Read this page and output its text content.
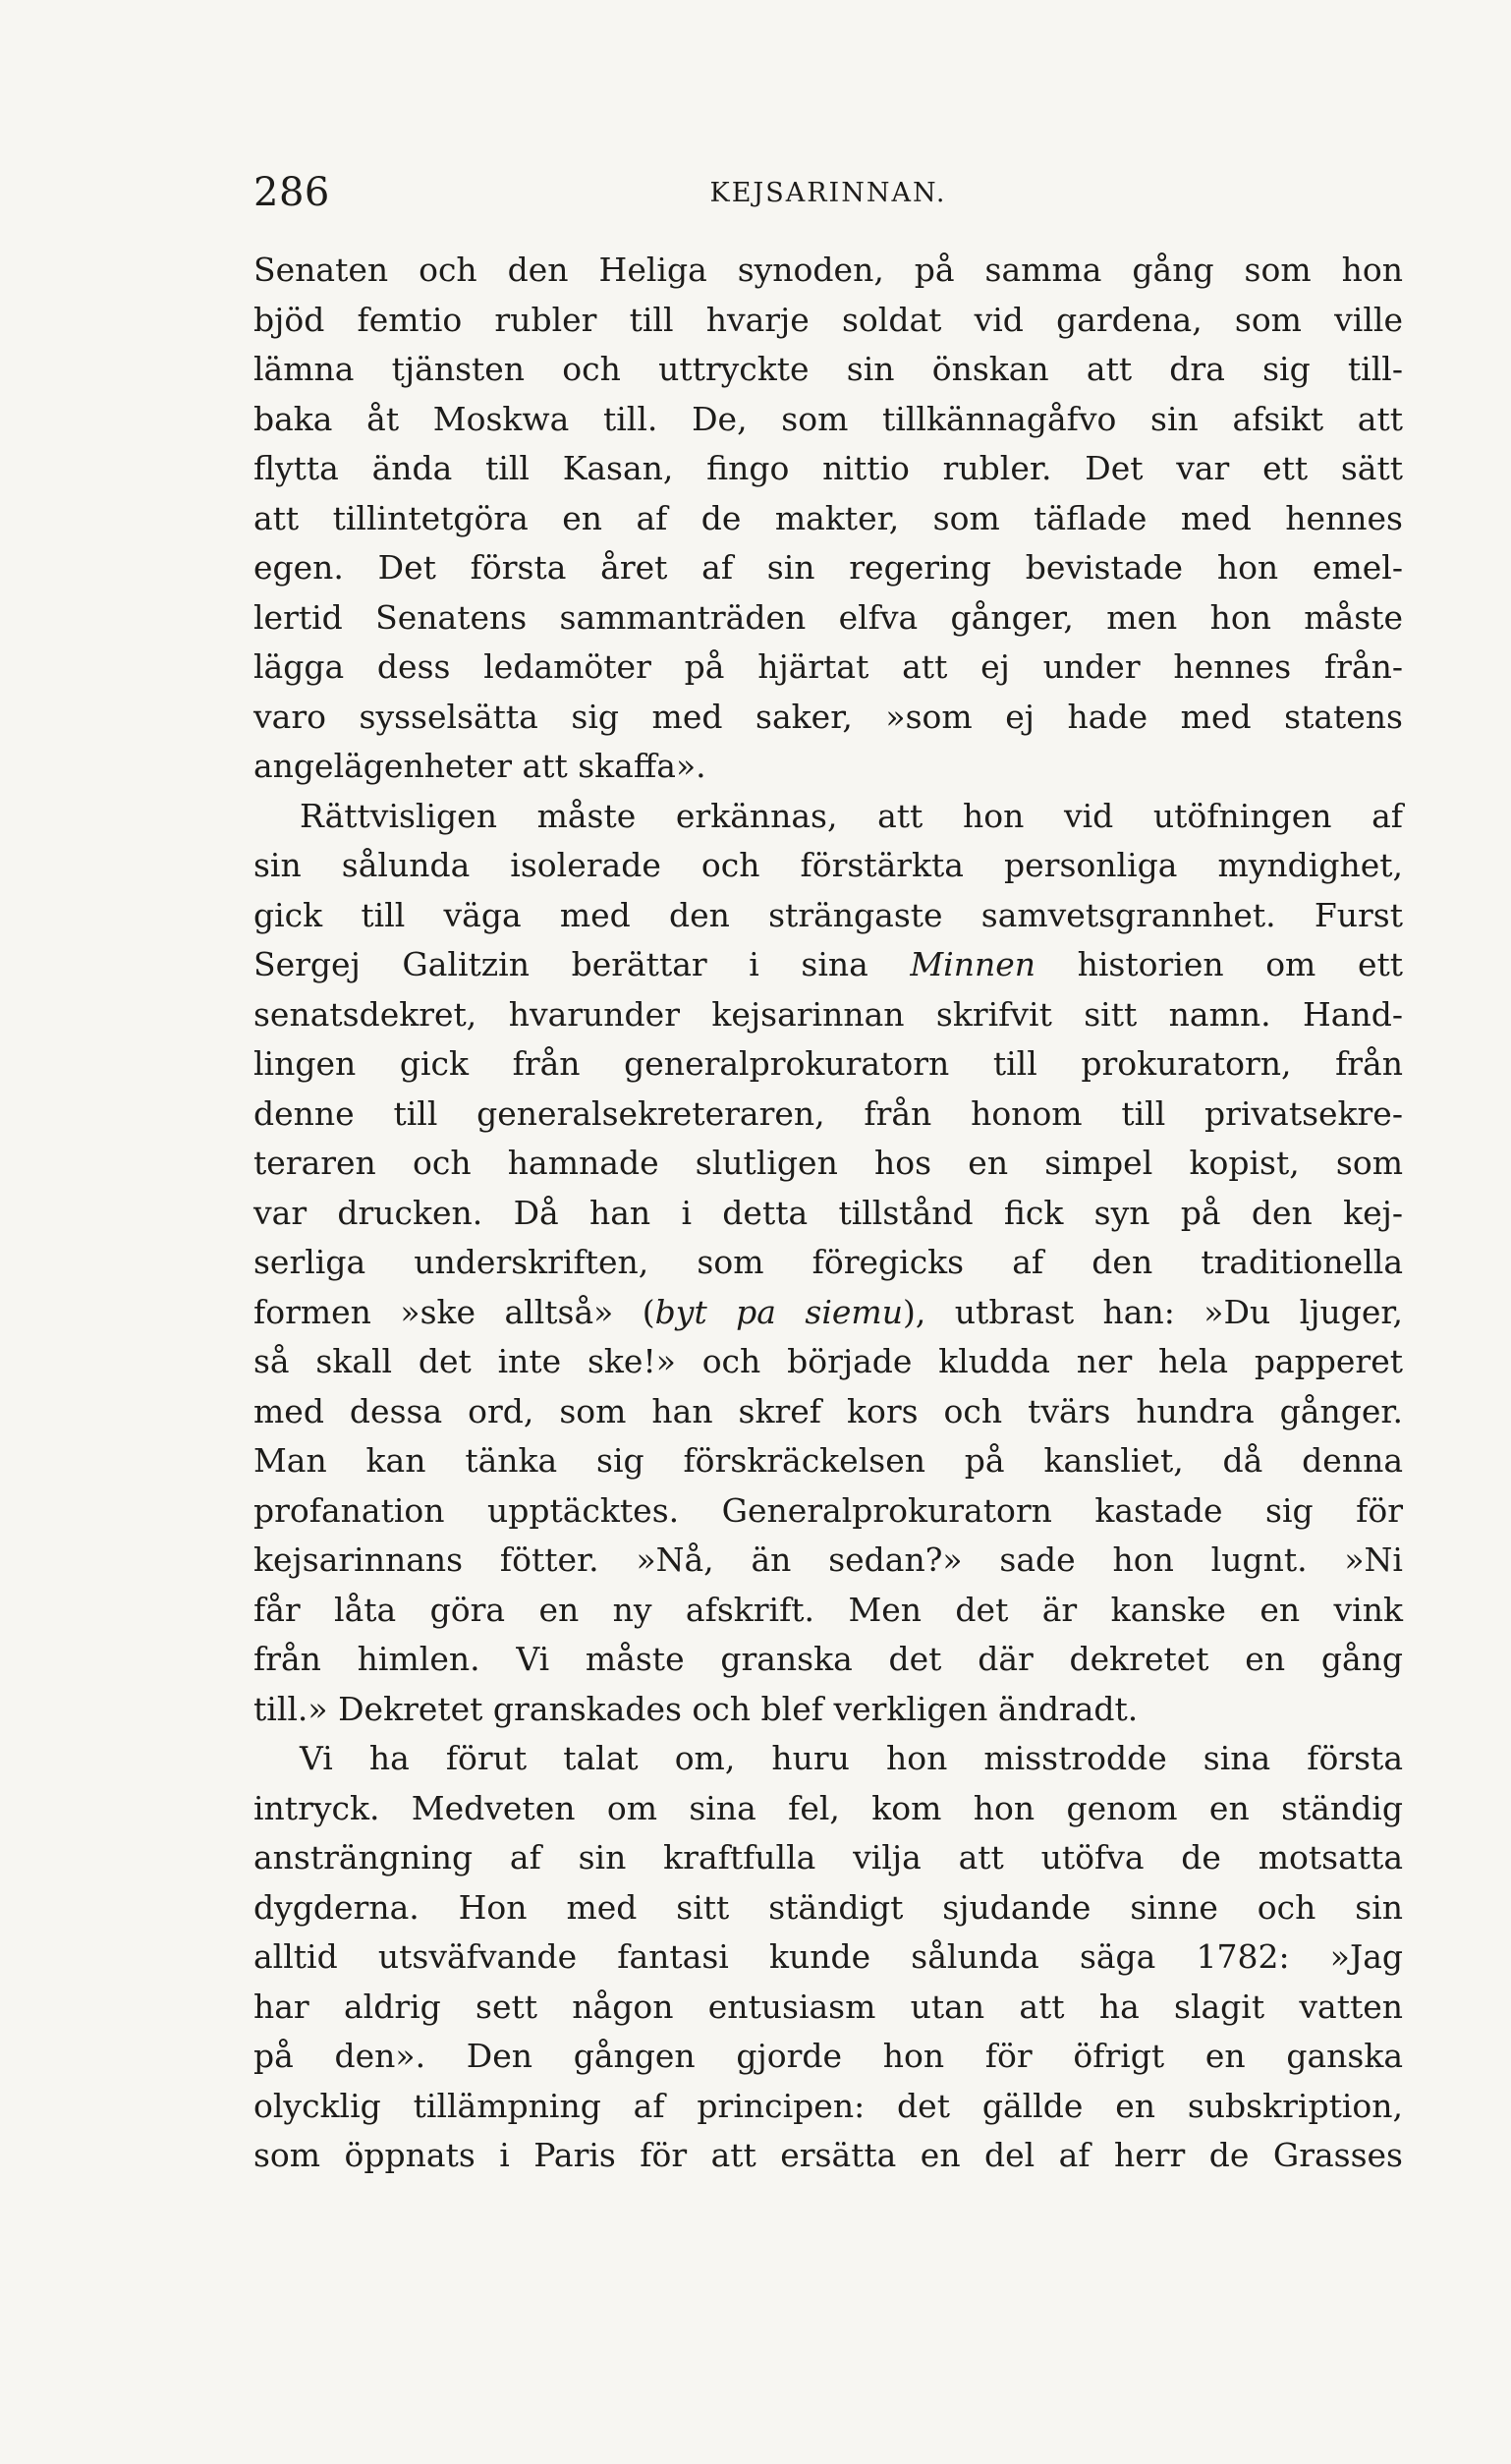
286	KEJSARINNAN.
Senaten och den Heliga synoden, på samma gång som hon
bjöd femtio rubler till hvarje soldat vid gardena, som ville
lämna tjänsten och uttryckte sin önskan att dra sig till-
baka åt Moskwa till. De, som tillkännagåfvo sin afsikt att
flytta ända till Kasan, fingo nittio rubler. Det var ett sätt
att tillintetgöra en af de makter, som täflade med hennes
egen. Det första året af sin regering bevistade hon emel-
lertid Senatens sammanträden elfva gånger, men hon måste
lägga dess ledamöter på hjärtat att ej under hennes från-
varo sysselsätta sig med saker, »som ej hade med statens
angelägenheter att skaffa».
Rättvisligen måste erkännas, att hon vid utöfningen af
sin sålunda isolerade och förstärkta personliga myndighet,
gick till väga med den strängaste samvetsgrannhet. Furst
Sergej Galitzin berättar i sina Minnen historien om ett
senatsdekret, hvarunder kejsarinnan skrifvit sitt namn. Hand-
lingen gick från generalprokuratorn till prokuratorn, från
denne till generalsekreteraren, från honom till privatsekre-
teraren och hamnade slutligen hos en simpel kopist, som
var drucken. Då han i detta tillstånd fick syn på den kej-
serliga underskriften, som föregicks af den traditionella
formen »ske alltså» (byt pa siemu), utbrast han: »Du ljuger,
så skall det inte ske!» och började kludda ner hela papperet
med dessa ord, som han skref kors och tvärs hundra gånger.
Man kan tänka sig förskräckelsen på kansliet, då denna
profanation upptäcktes. Generalprokuratorn kastade sig för
kejsarinnans fötter. »Nå, än sedan?» sade hon lugnt. »Ni
får låta göra en ny afskrift. Men det är kanske en vink
från himlen. Vi måste granska det där dekretet en gång
till.» Dekretet granskades och blef verkligen ändradt.
Vi ha förut talat om, huru hon misstrodde sina första
intryck. Medveten om sina fel, kom hon genom en ständig
ansträngning af sin kraftfulla vilja att utöfva de motsatta
dygderna. Hon med sitt ständigt sjudande sinne och sin
alltid utsväfvande fantasi kunde sålunda säga 1782: »Jag
har aldrig sett någon entusiasm utan att ha slagit vatten
på den». Den gången gjorde hon för öfrigt en ganska
olycklig tillämpning af principen: det gällde en subskription,
som öppnats i Paris för att ersätta en del af herr de Grasses
